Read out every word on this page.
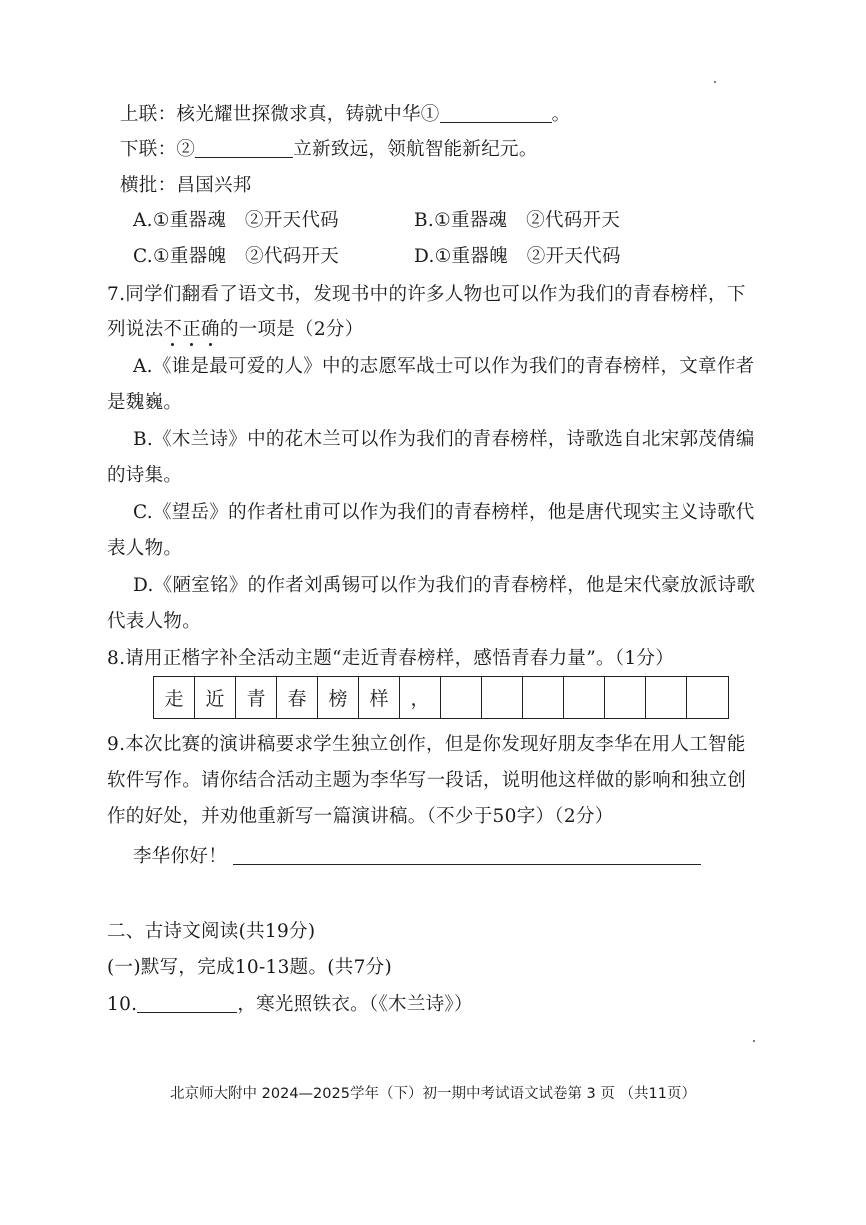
上联：核光耀世探微求真，铸就中华①	。
下联：②	立新致远，领航智能新纪元。
横批：昌国兴邦
A.①重器魂　②开天代码	B.①重器魂　②代码开天
C.①重器魄　②代码开天	D.①重器魄　②开天代码
7.同学们翻看了语文书，发现书中的许多人物也可以作为我们的青春榜样，下
列说法不正确的一项是（2分）
A.《谁是最可爱的人》中的志愿军战士可以作为我们的青春榜样，文章作者
是魏巍。
B.《木兰诗》中的花木兰可以作为我们的青春榜样，诗歌选自北宋郭茂倩编
的诗集。
C.《望岳》的作者杜甫可以作为我们的青春榜样，他是唐代现实主义诗歌代
表人物。
D.《陋室铭》的作者刘禹锡可以作为我们的青春榜样，他是宋代豪放派诗歌
代表人物。
8.请用正楷字补全活动主题“走近青春榜样，感悟青春力量”。（1分）
走	近	青	春	榜	样	，
9.本次比赛的演讲稿要求学生独立创作，但是你发现好朋友李华在用人工智能
软件写作。请你结合活动主题为李华写一段话，说明他这样做的影响和独立创
作的好处，并劝他重新写一篇演讲稿。（不少于50字）（2分）
李华你好！
二、古诗文阅读(共19分)
(一)默写，完成10-13题。(共7分)
10.	，寒光照铁衣。（《木兰诗》）
北京师大附中 2024—2025学年（下）初一期中考试语文试卷第 3 页 （共11页）
